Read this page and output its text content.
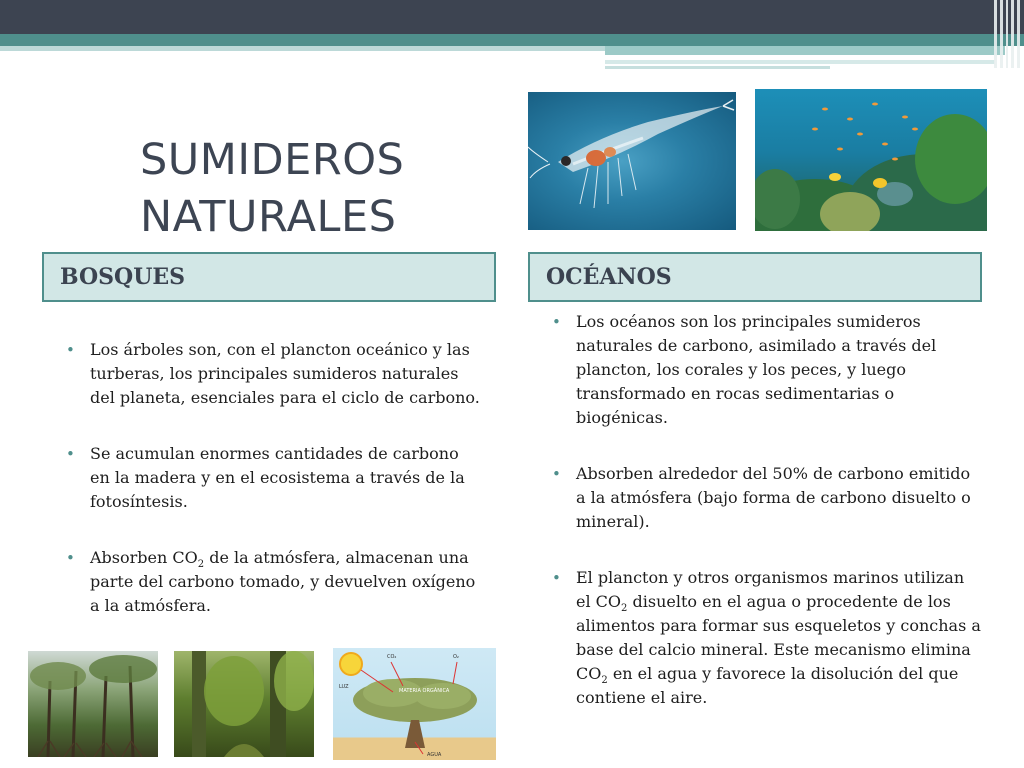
SUMIDEROS
NATURALES
BOSQUES	OCÉANOS
• Los árboles son, con el plancton oceánico y las turberas, los principales sumideros naturales del planeta, esenciales para el ciclo de carbono.
• Se acumulan enormes cantidades de carbono en la madera y en el ecosistema a través de la fotosíntesis.
• Absorben $CO_2$ de la atmósfera, almacenan una parte del carbono tomado, y devuelven oxígeno a la atmósfera.
• Los océanos son los principales sumideros naturales de carbono, asimilado a través del plancton, los corales y los peces, y luego transformado en rocas sedimentarias o biogénicas.
• Absorben alrededor del 50% de carbono emitido a la atmósfera (bajo forma de carbono disuelto o mineral).
• El plancton y otros organismos marinos utilizan el $CO_2$ disuelto en el agua o procedente de los alimentos para formar sus esqueletos y conchas a base del calcio mineral. Este mecanismo elimina $CO_2$ en el agua y favorece la disolución del que contiene el aire.
LUZ
CO₂	O₂
MATERIA ORGÁNICA
AGUA
